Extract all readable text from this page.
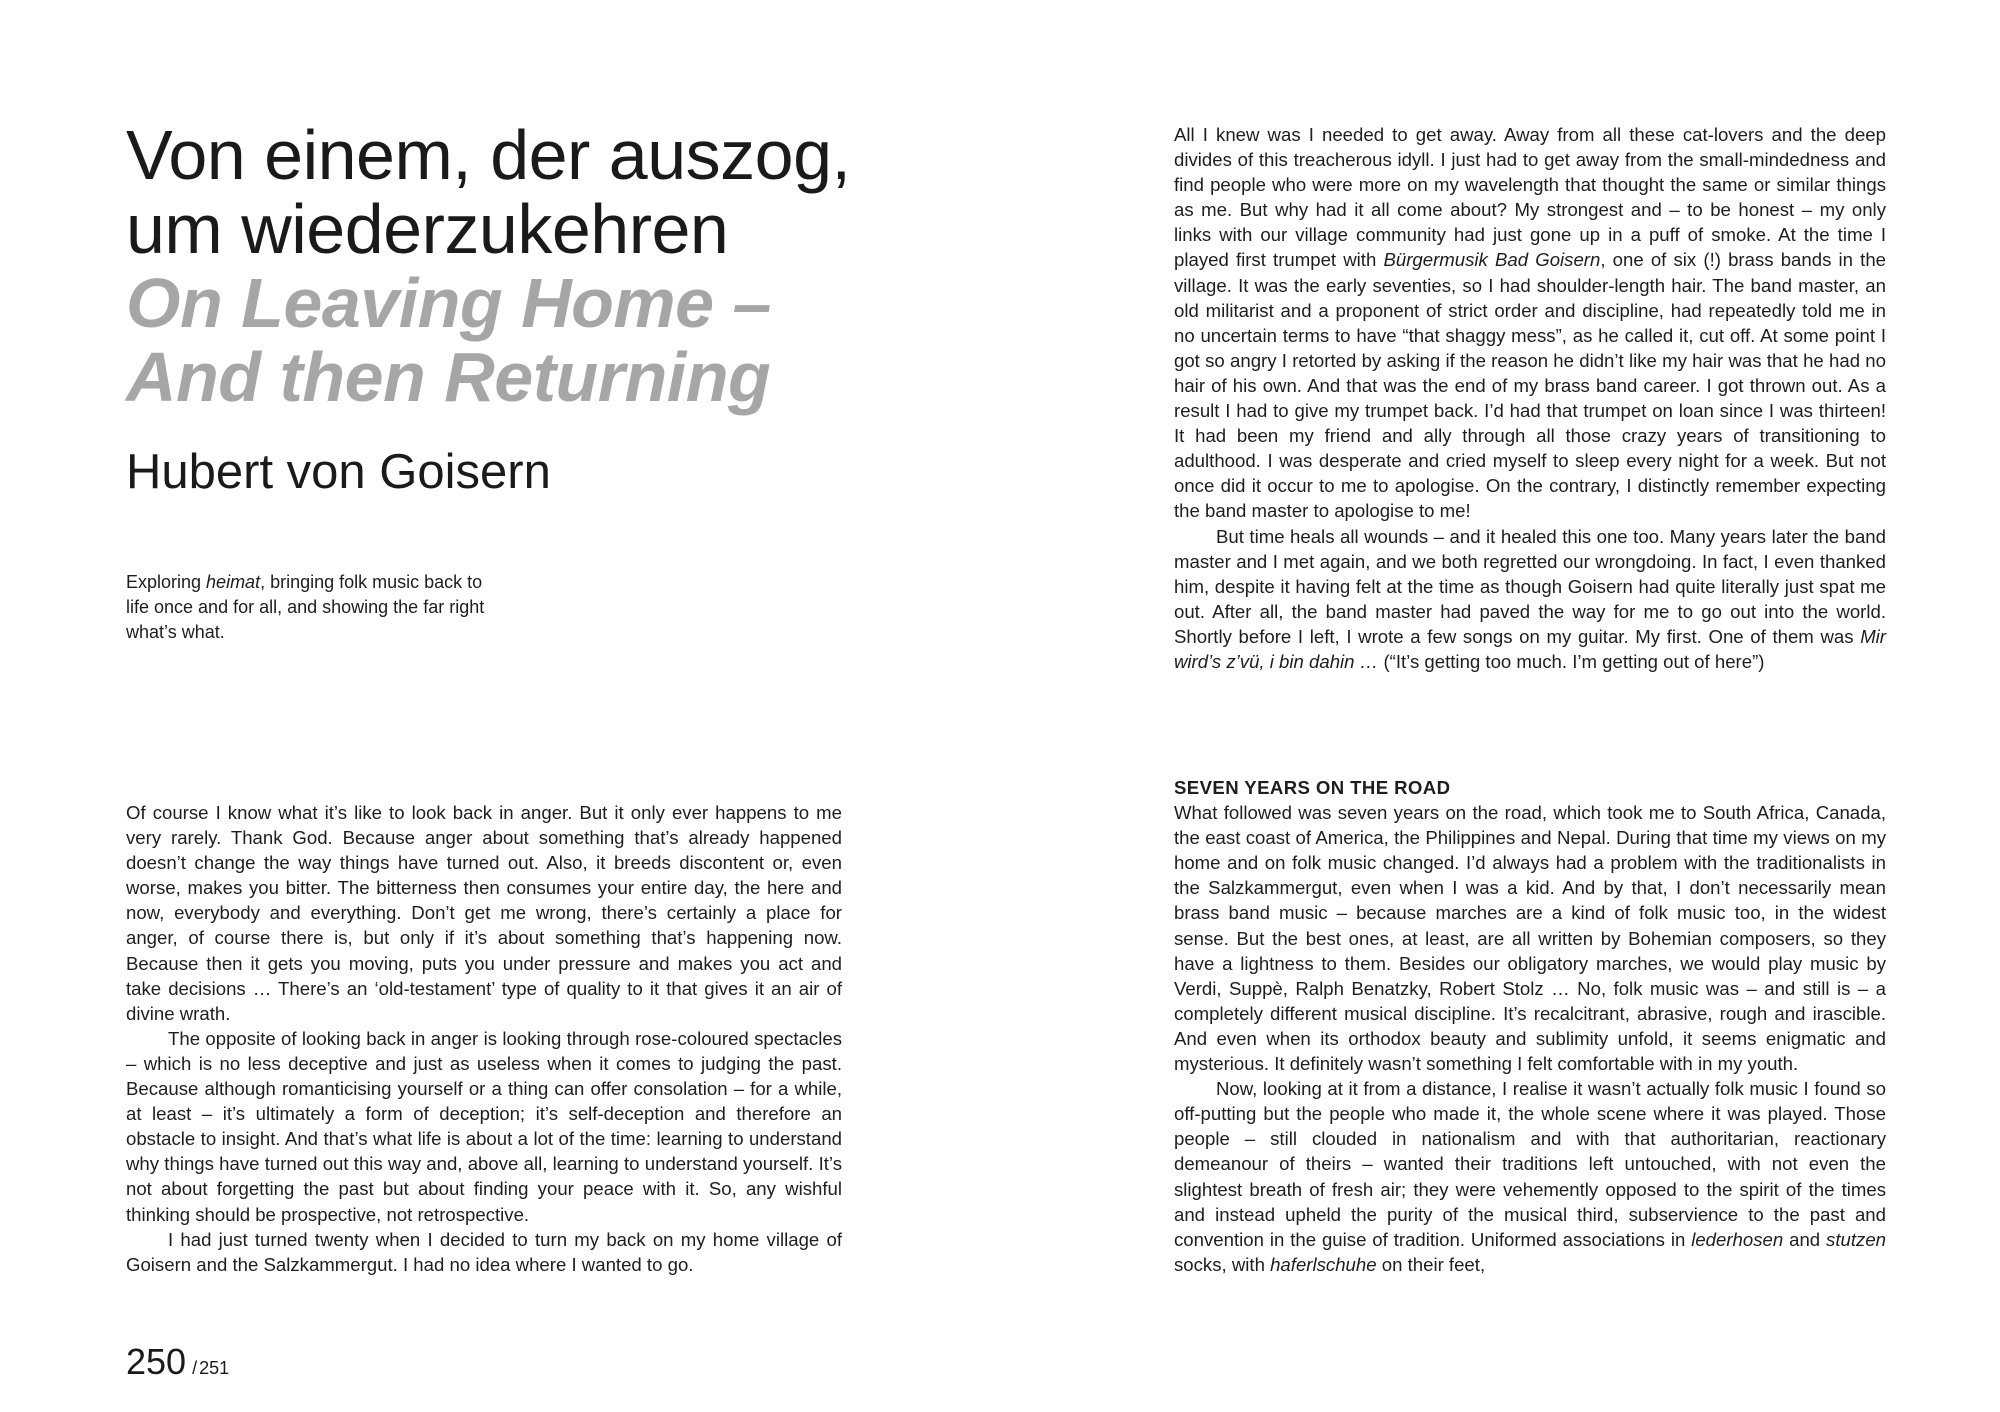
Von einem, der auszog,
um wiederzukehren
On Leaving Home –
And then Returning
Hubert von Goisern

Exploring heimat, bringing folk music back to life once and for all, and showing the far right what’s what.

Of course I know what it’s like to look back in anger. But it only ever happens to me very rarely. Thank God. Because anger about something that’s already happened doesn’t change the way things have turned out. Also, it breeds discontent or, even worse, makes you bitter. The bitterness then consumes your entire day, the here and now, everybody and everything. Don’t get me wrong, there’s certainly a place for anger, of course there is, but only if it’s about something that’s happening now. Because then it gets you moving, puts you under pressure and makes you act and take decisions … There’s an ‘old-testament’ type of quality to it that gives it an air of divine wrath.

The opposite of looking back in anger is looking through rose-coloured spectacles – which is no less deceptive and just as useless when it comes to judging the past. Because although romanticising yourself or a thing can offer consolation – for a while, at least – it’s ultimately a form of deception; it’s self-deception and therefore an obstacle to insight. And that’s what life is about a lot of the time: learning to understand why things have turned out this way and, above all, learning to understand yourself. It’s not about forgetting the past but about finding your peace with it. So, any wishful thinking should be prospective, not retrospective.

I had just turned twenty when I decided to turn my back on my home village of Goisern and the Salzkammergut. I had no idea where I wanted to go.

250 / 251

All I knew was I needed to get away. Away from all these cat-lovers and the deep divides of this treacherous idyll. I just had to get away from the small-mindedness and find people who were more on my wavelength that thought the same or similar things as me. But why had it all come about? My strongest and – to be honest – my only links with our village community had just gone up in a puff of smoke. At the time I played first trumpet with Bürgermusik Bad Goisern, one of six (!) brass bands in the village. It was the early seventies, so I had shoulder-length hair. The band master, an old militarist and a proponent of strict order and discipline, had repeatedly told me in no uncertain terms to have “that shaggy mess”, as he called it, cut off. At some point I got so angry I retorted by asking if the reason he didn’t like my hair was that he had no hair of his own. And that was the end of my brass band career. I got thrown out. As a result I had to give my trumpet back. I’d had that trumpet on loan since I was thirteen! It had been my friend and ally through all those crazy years of transitioning to adulthood. I was desperate and cried myself to sleep every night for a week. But not once did it occur to me to apologise. On the contrary, I distinctly remember expecting the band master to apologise to me!

But time heals all wounds – and it healed this one too. Many years later the band master and I met again, and we both regretted our wrongdoing. In fact, I even thanked him, despite it having felt at the time as though Goisern had quite literally just spat me out. After all, the band master had paved the way for me to go out into the world. Shortly before I left, I wrote a few songs on my guitar. My first. One of them was Mir wird’s z’vü, i bin dahin … (“It’s getting too much. I’m getting out of here”)

SEVEN YEARS ON THE ROAD

What followed was seven years on the road, which took me to South Africa, Canada, the east coast of America, the Philippines and Nepal. During that time my views on my home and on folk music changed. I’d always had a problem with the traditionalists in the Salzkammergut, even when I was a kid. And by that, I don’t necessarily mean brass band music – because marches are a kind of folk music too, in the widest sense. But the best ones, at least, are all written by Bohemian composers, so they have a lightness to them. Besides our obligatory marches, we would play music by Verdi, Suppè, Ralph Benatzky, Robert Stolz … No, folk music was – and still is – a completely different musical discipline. It’s recalcitrant, abrasive, rough and irascible. And even when its orthodox beauty and sublimity unfold, it seems enigmatic and mysterious. It definitely wasn’t something I felt comfortable with in my youth.

Now, looking at it from a distance, I realise it wasn’t actually folk music I found so off-putting but the people who made it, the whole scene where it was played. Those people – still clouded in nationalism and with that authoritarian, reactionary demeanour of theirs – wanted their traditions left untouched, with not even the slightest breath of fresh air; they were vehemently opposed to the spirit of the times and instead upheld the purity of the musical third, subservience to the past and convention in the guise of tradition. Uniformed associations in lederhosen and stutzen socks, with haferlschuhe on their feet,
